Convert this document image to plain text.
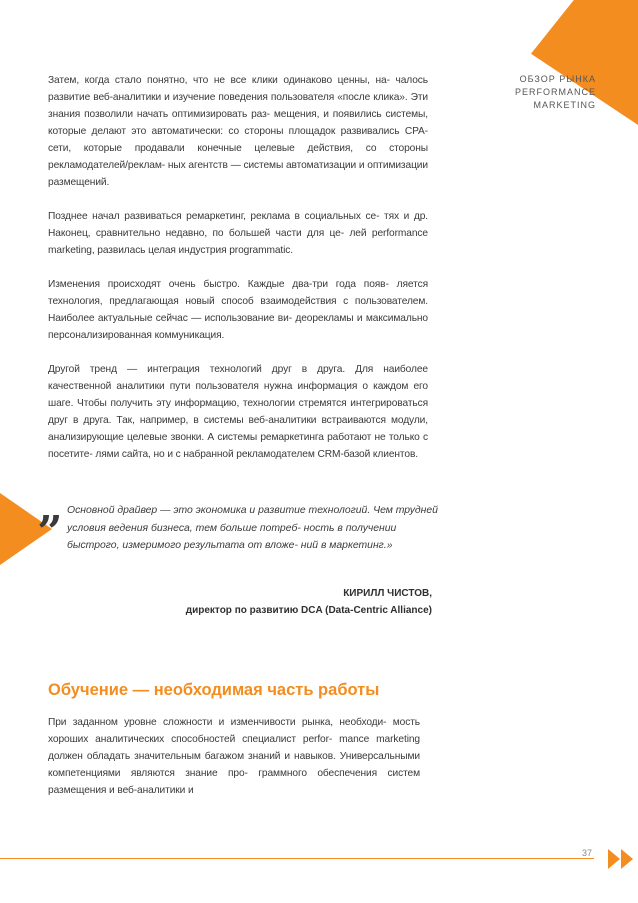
ОБЗОР РЫНКА
PERFORMANCE
MARKETING

Затем, когда стало понятно, что не все клики одинаково ценны, на- чалось развитие веб-аналитики и изучение поведения пользователя «после клика». Эти знания позволили начать оптимизировать раз- мещения, и появились системы, которые делают это автоматически: со стороны площадок развивались CPA-сети, которые продавали конечные целевые действия, со стороны рекламодателей/реклам- ных агентств — системы автоматизации и оптимизации размещений.

Позднее начал развиваться ремаркетинг, реклама в социальных се- тях и др. Наконец, сравнительно недавно, по большей части для це- лей performance marketing, развилась целая индустрия programmatic.

Изменения происходят очень быстро. Каждые два-три года появ- ляется технология, предлагающая новый способ взаимодействия с пользователем. Наиболее актуальные сейчас — использование ви- деорекламы и максимально персонализированная коммуникация.

Другой тренд — интеграция технологий друг в друга. Для наиболее качественной аналитики пути пользователя нужна информация о каждом его шаге. Чтобы получить эту информацию, технологии стремятся интегрироваться друг в друга. Так, например, в системы веб-аналитики встраиваются модули, анализирующие целевые звонки. А системы ремаркетинга работают не только с посетите- лями сайта, но и с набранной рекламодателем CRM-базой клиентов.

„ Основной драйвер — это экономика и развитие технологий. Чем трудней условия ведения бизнеса, тем больше потреб- ность в получении быстрого, измеримого результата от вложе- ний в маркетинг.»
КИРИЛЛ ЧИСТОВ,
директор по развитию DCA (Data-Centric Alliance)
Обучение — необходимая часть работы

При заданном уровне сложности и изменчивости рынка, необходи- мость хороших аналитических способностей специалист perfor- mance marketing должен обладать значительным багажом знаний и навыков. Универсальными компетенциями являются знание про- граммного обеспечения систем размещения и веб-аналитики и

37
